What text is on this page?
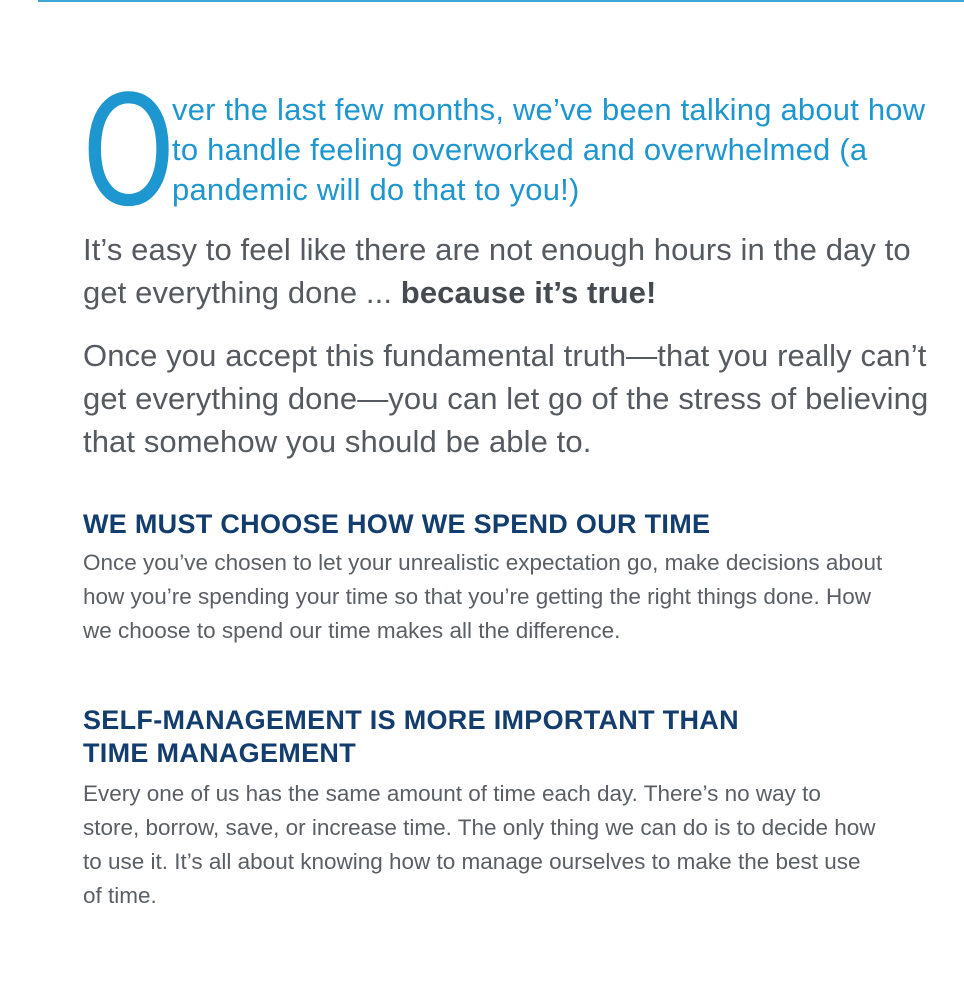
O
ver the last few months, we’ve been talking about how to handle feeling overworked and overwhelmed (a pandemic will do that to you!)
It’s easy to feel like there are not enough hours in the day to get everything done ... because it’s true!
Once you accept this fundamental truth—that you really can’t get everything done—you can let go of the stress of believing that somehow you should be able to.
WE MUST CHOOSE HOW WE SPEND OUR TIME
Once you’ve chosen to let your unrealistic expectation go, make decisions about how you’re spending your time so that you’re getting the right things done. How we choose to spend our time makes all the difference.
SELF-MANAGEMENT IS MORE IMPORTANT THAN TIME MANAGEMENT
Every one of us has the same amount of time each day. There’s no way to store, borrow, save, or increase time. The only thing we can do is to decide how to use it. It’s all about knowing how to manage ourselves to make the best use of time.
